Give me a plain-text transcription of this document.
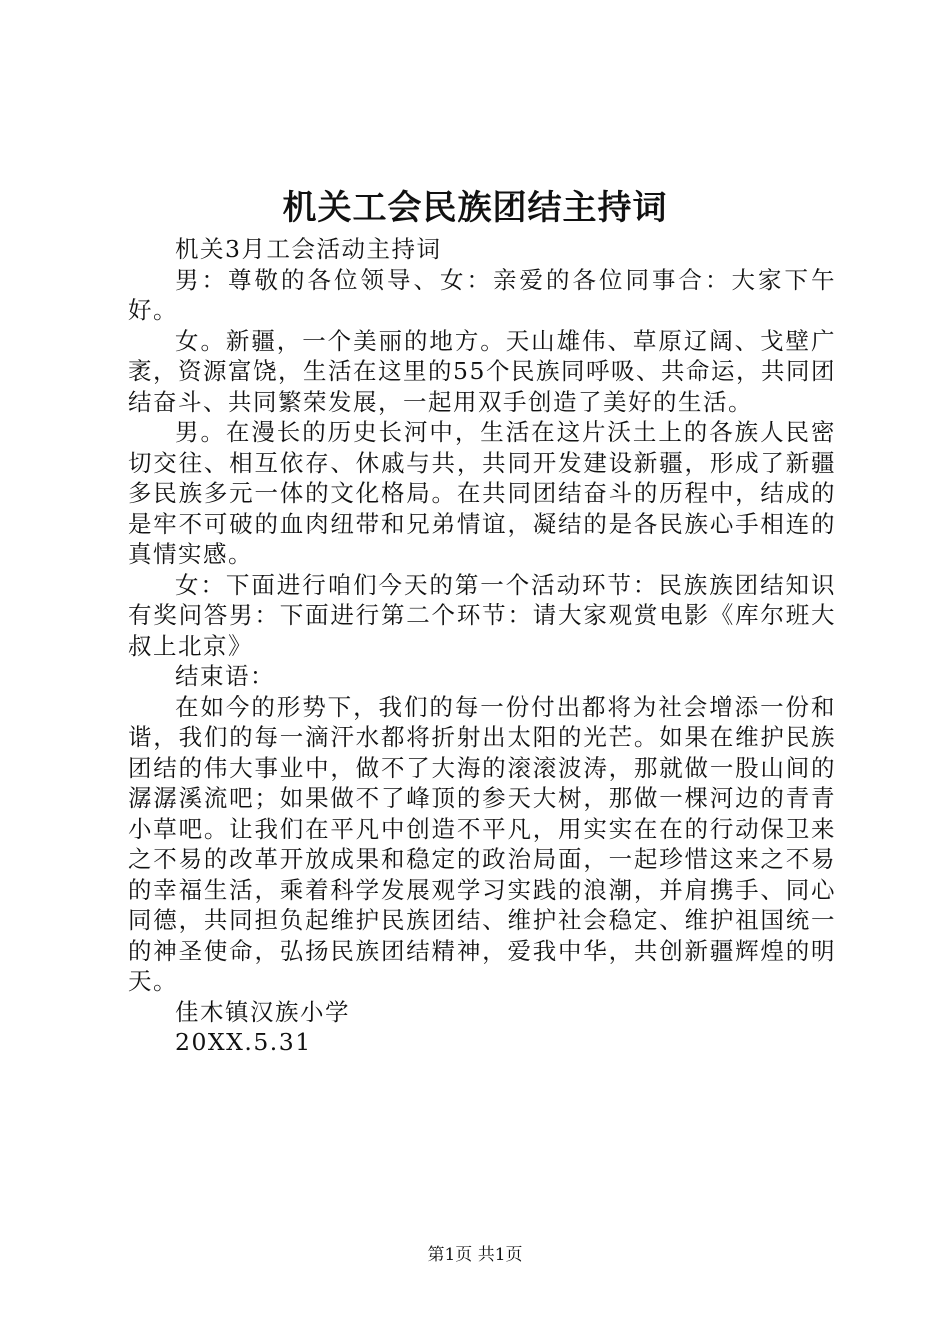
机关工会民族团结主持词

机关3月工会活动主持词

男：尊敬的各位领导、女：亲爱的各位同事合：大家下午好。

女。新疆，一个美丽的地方。天山雄伟、草原辽阔、戈壁广袤，资源富饶，生活在这里的55个民族同呼吸、共命运，共同团结奋斗、共同繁荣发展，一起用双手创造了美好的生活。

男。在漫长的历史长河中，生活在这片沃土上的各族人民密切交往、相互依存、休戚与共，共同开发建设新疆，形成了新疆多民族多元一体的文化格局。在共同团结奋斗的历程中，结成的是牢不可破的血肉纽带和兄弟情谊，凝结的是各民族心手相连的真情实感。

女：下面进行咱们今天的第一个活动环节：民族族团结知识有奖问答男：下面进行第二个环节：请大家观赏电影《库尔班大叔上北京》

结束语：

在如今的形势下，我们的每一份付出都将为社会增添一份和谐，我们的每一滴汗水都将折射出太阳的光芒。如果在维护民族团结的伟大事业中，做不了大海的滚滚波涛，那就做一股山间的潺潺溪流吧；如果做不了峰顶的参天大树，那做一棵河边的青青小草吧。让我们在平凡中创造不平凡，用实实在在的行动保卫来之不易的改革开放成果和稳定的政治局面，一起珍惜这来之不易的幸福生活，乘着科学发展观学习实践的浪潮，并肩携手、同心同德，共同担负起维护民族团结、维护社会稳定、维护祖国统一的神圣使命，弘扬民族团结精神，爱我中华，共创新疆辉煌的明天。

佳木镇汉族小学

20XX.5.31

第1页 共1页
